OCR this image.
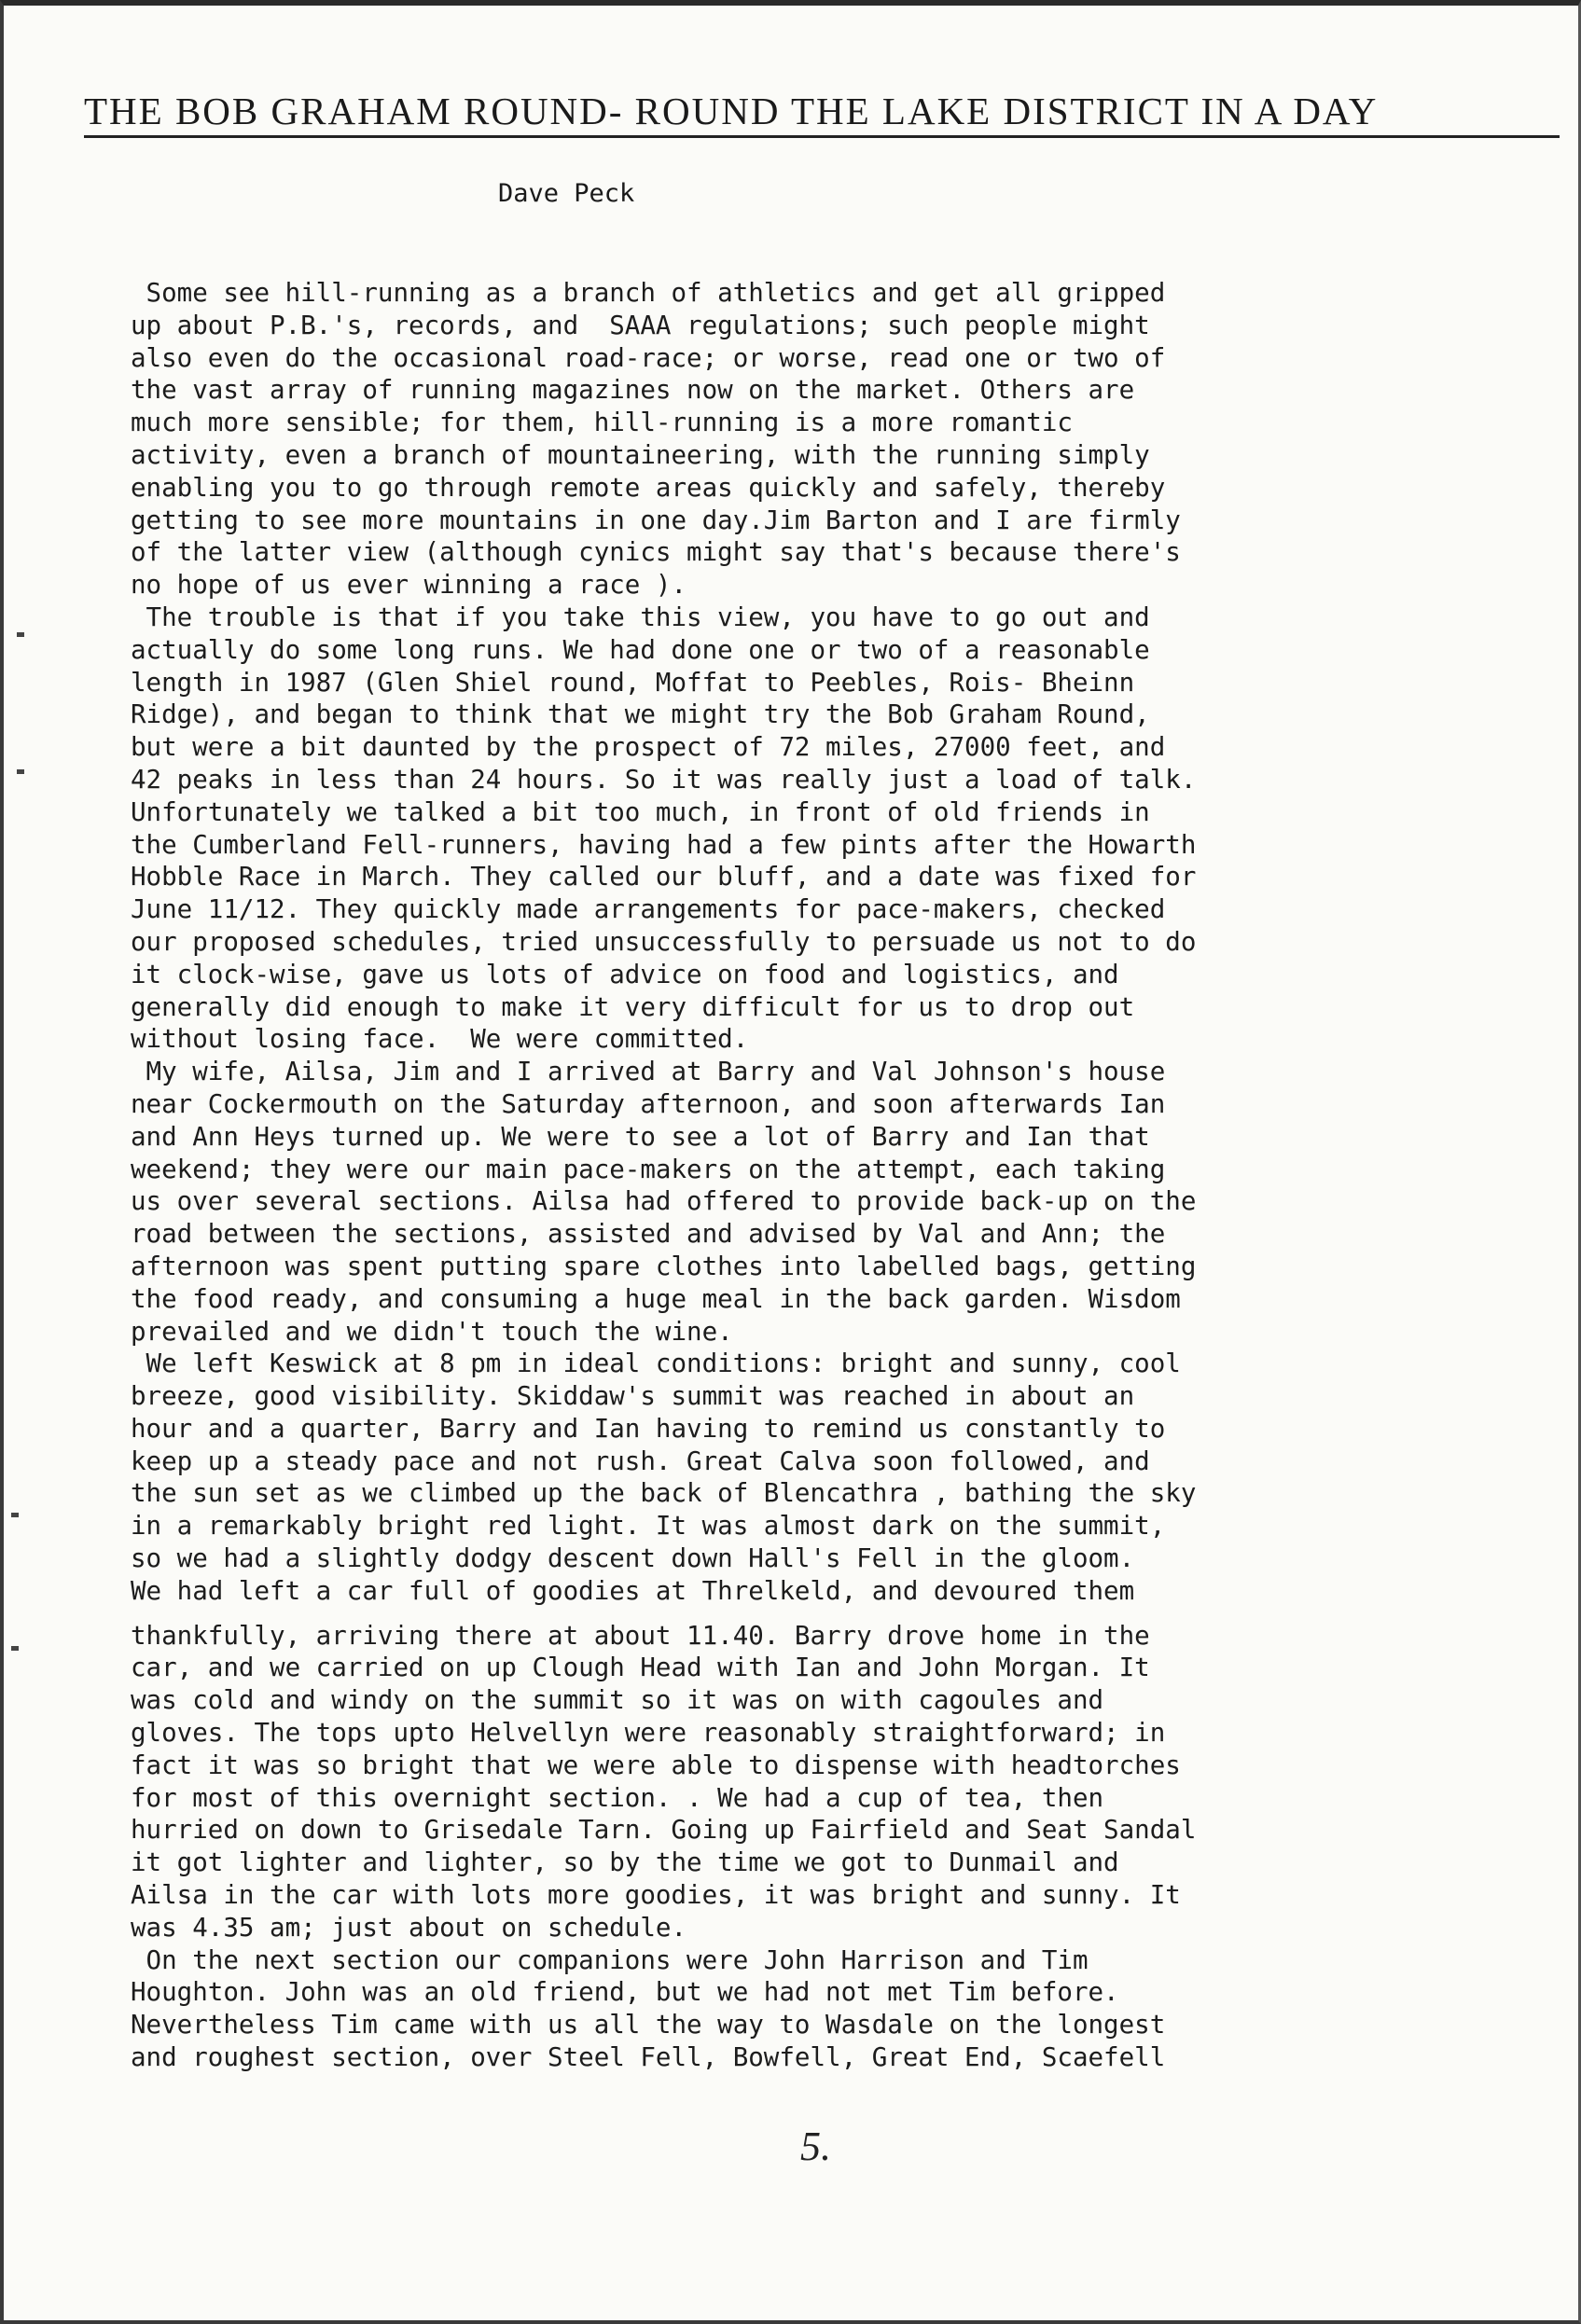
THE BOB GRAHAM ROUND- ROUND THE LAKE DISTRICT IN A DAY
Dave Peck
Some see hill-running as a branch of athletics and get all gripped
up about P.B.'s, records, and  SAAA regulations; such people might
also even do the occasional road-race; or worse, read one or two of
the vast array of running magazines now on the market. Others are
much more sensible; for them, hill-running is a more romantic
activity, even a branch of mountaineering, with the running simply
enabling you to go through remote areas quickly and safely, thereby
getting to see more mountains in one day.Jim Barton and I are firmly
of the latter view (although cynics might say that's because there's
no hope of us ever winning a race ).
The trouble is that if you take this view, you have to go out and
actually do some long runs. We had done one or two of a reasonable
length in 1987 (Glen Shiel round, Moffat to Peebles, Rois- Bheinn
Ridge), and began to think that we might try the Bob Graham Round,
but were a bit daunted by the prospect of 72 miles, 27000 feet, and
42 peaks in less than 24 hours. So it was really just a load of talk.
Unfortunately we talked a bit too much, in front of old friends in
the Cumberland Fell-runners, having had a few pints after the Howarth
Hobble Race in March. They called our bluff, and a date was fixed for
June 11/12. They quickly made arrangements for pace-makers, checked
our proposed schedules, tried unsuccessfully to persuade us not to do
it clock-wise, gave us lots of advice on food and logistics, and
generally did enough to make it very difficult for us to drop out
without losing face.  We were committed.
My wife, Ailsa, Jim and I arrived at Barry and Val Johnson's house
near Cockermouth on the Saturday afternoon, and soon afterwards Ian
and Ann Heys turned up. We were to see a lot of Barry and Ian that
weekend; they were our main pace-makers on the attempt, each taking
us over several sections. Ailsa had offered to provide back-up on the
road between the sections, assisted and advised by Val and Ann; the
afternoon was spent putting spare clothes into labelled bags, getting
the food ready, and consuming a huge meal in the back garden. Wisdom
prevailed and we didn't touch the wine.
We left Keswick at 8 pm in ideal conditions: bright and sunny, cool
breeze, good visibility. Skiddaw's summit was reached in about an
hour and a quarter, Barry and Ian having to remind us constantly to
keep up a steady pace and not rush. Great Calva soon followed, and
the sun set as we climbed up the back of Blencathra , bathing the sky
in a remarkably bright red light. It was almost dark on the summit,
so we had a slightly dodgy descent down Hall's Fell in the gloom.
We had left a car full of goodies at Threlkeld, and devoured them
thankfully, arriving there at about 11.40. Barry drove home in the
car, and we carried on up Clough Head with Ian and John Morgan. It
was cold and windy on the summit so it was on with cagoules and
gloves. The tops upto Helvellyn were reasonably straightforward; in
fact it was so bright that we were able to dispense with headtorches
for most of this overnight section. . We had a cup of tea, then
hurried on down to Grisedale Tarn. Going up Fairfield and Seat Sandal
it got lighter and lighter, so by the time we got to Dunmail and
Ailsa in the car with lots more goodies, it was bright and sunny. It
was 4.35 am; just about on schedule.
On the next section our companions were John Harrison and Tim
Houghton. John was an old friend, but we had not met Tim before.
Nevertheless Tim came with us all the way to Wasdale on the longest
and roughest section, over Steel Fell, Bowfell, Great End, Scaefell
5.
